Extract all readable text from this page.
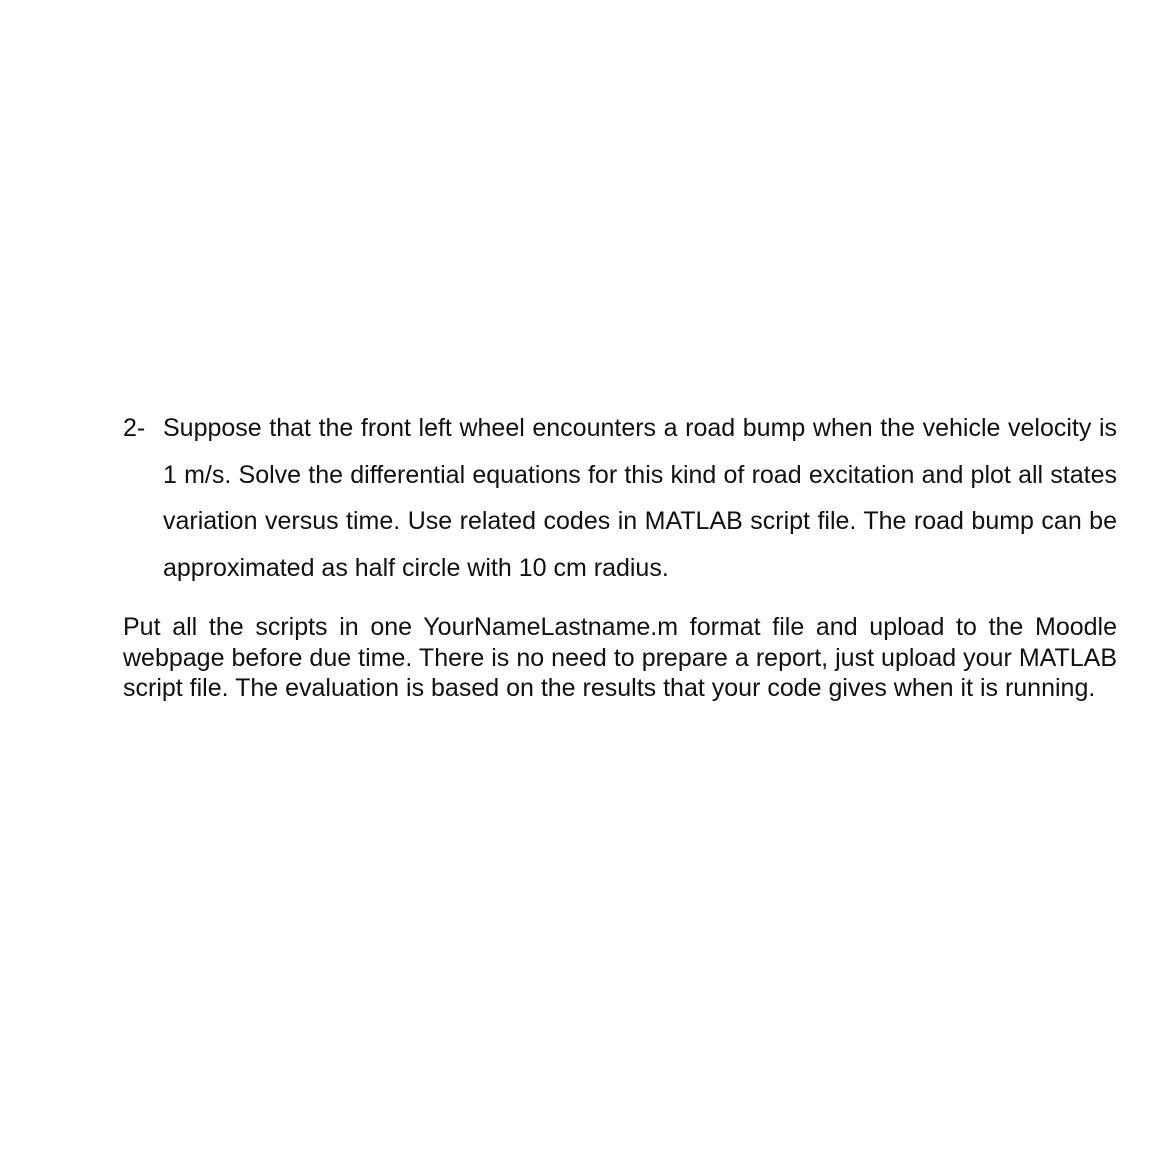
2- Suppose that the front left wheel encounters a road bump when the vehicle velocity is 1 m/s. Solve the differential equations for this kind of road excitation and plot all states variation versus time. Use related codes in MATLAB script file. The road bump can be approximated as half circle with 10 cm radius.

Put all the scripts in one YourNameLastname.m format file and upload to the Moodle webpage before due time. There is no need to prepare a report, just upload your MATLAB script file. The evaluation is based on the results that your code gives when it is running.
